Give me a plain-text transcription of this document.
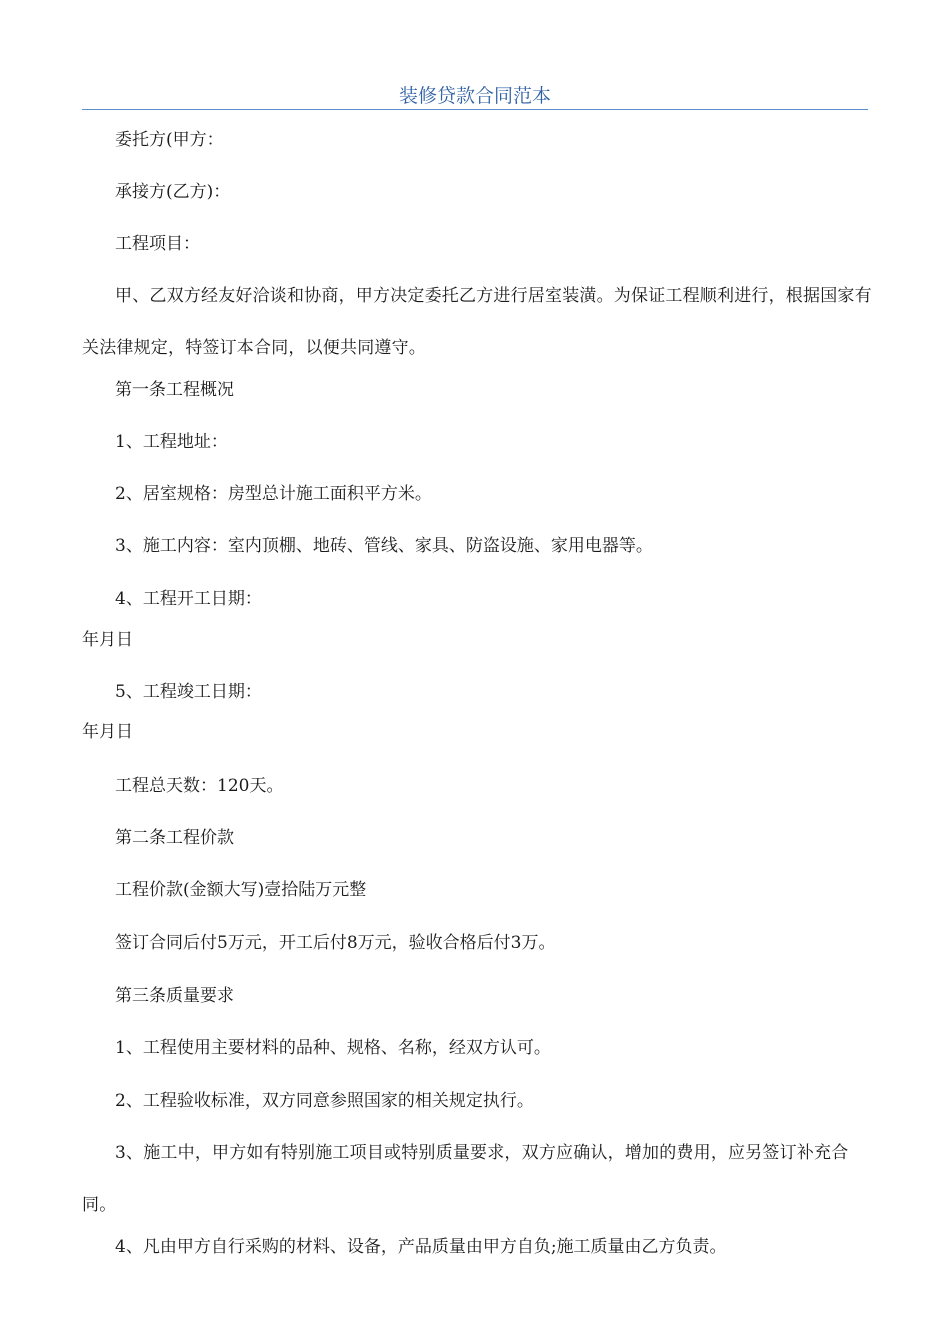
装修贷款合同范本

委托方(甲方：

承接方(乙方)：

工程项目：

甲、乙双方经友好洽谈和协商，甲方决定委托乙方进行居室装潢。为保证工程顺利进行，根据国家有关法律规定，特签订本合同，以便共同遵守。

第一条工程概况

1、工程地址：

2、居室规格：房型总计施工面积平方米。

3、施工内容：室内顶棚、地砖、管线、家具、防盗设施、家用电器等。

4、工程开工日期：

年月日

5、工程竣工日期：

年月日

工程总天数：120天。

第二条工程价款

工程价款(金额大写)壹拾陆万元整

签订合同后付5万元，开工后付8万元，验收合格后付3万。

第三条质量要求

1、工程使用主要材料的品种、规格、名称，经双方认可。

2、工程验收标准，双方同意参照国家的相关规定执行。

3、施工中，甲方如有特别施工项目或特别质量要求，双方应确认，增加的费用，应另签订补充合同。

4、凡由甲方自行采购的材料、设备，产品质量由甲方自负;施工质量由乙方负责。
